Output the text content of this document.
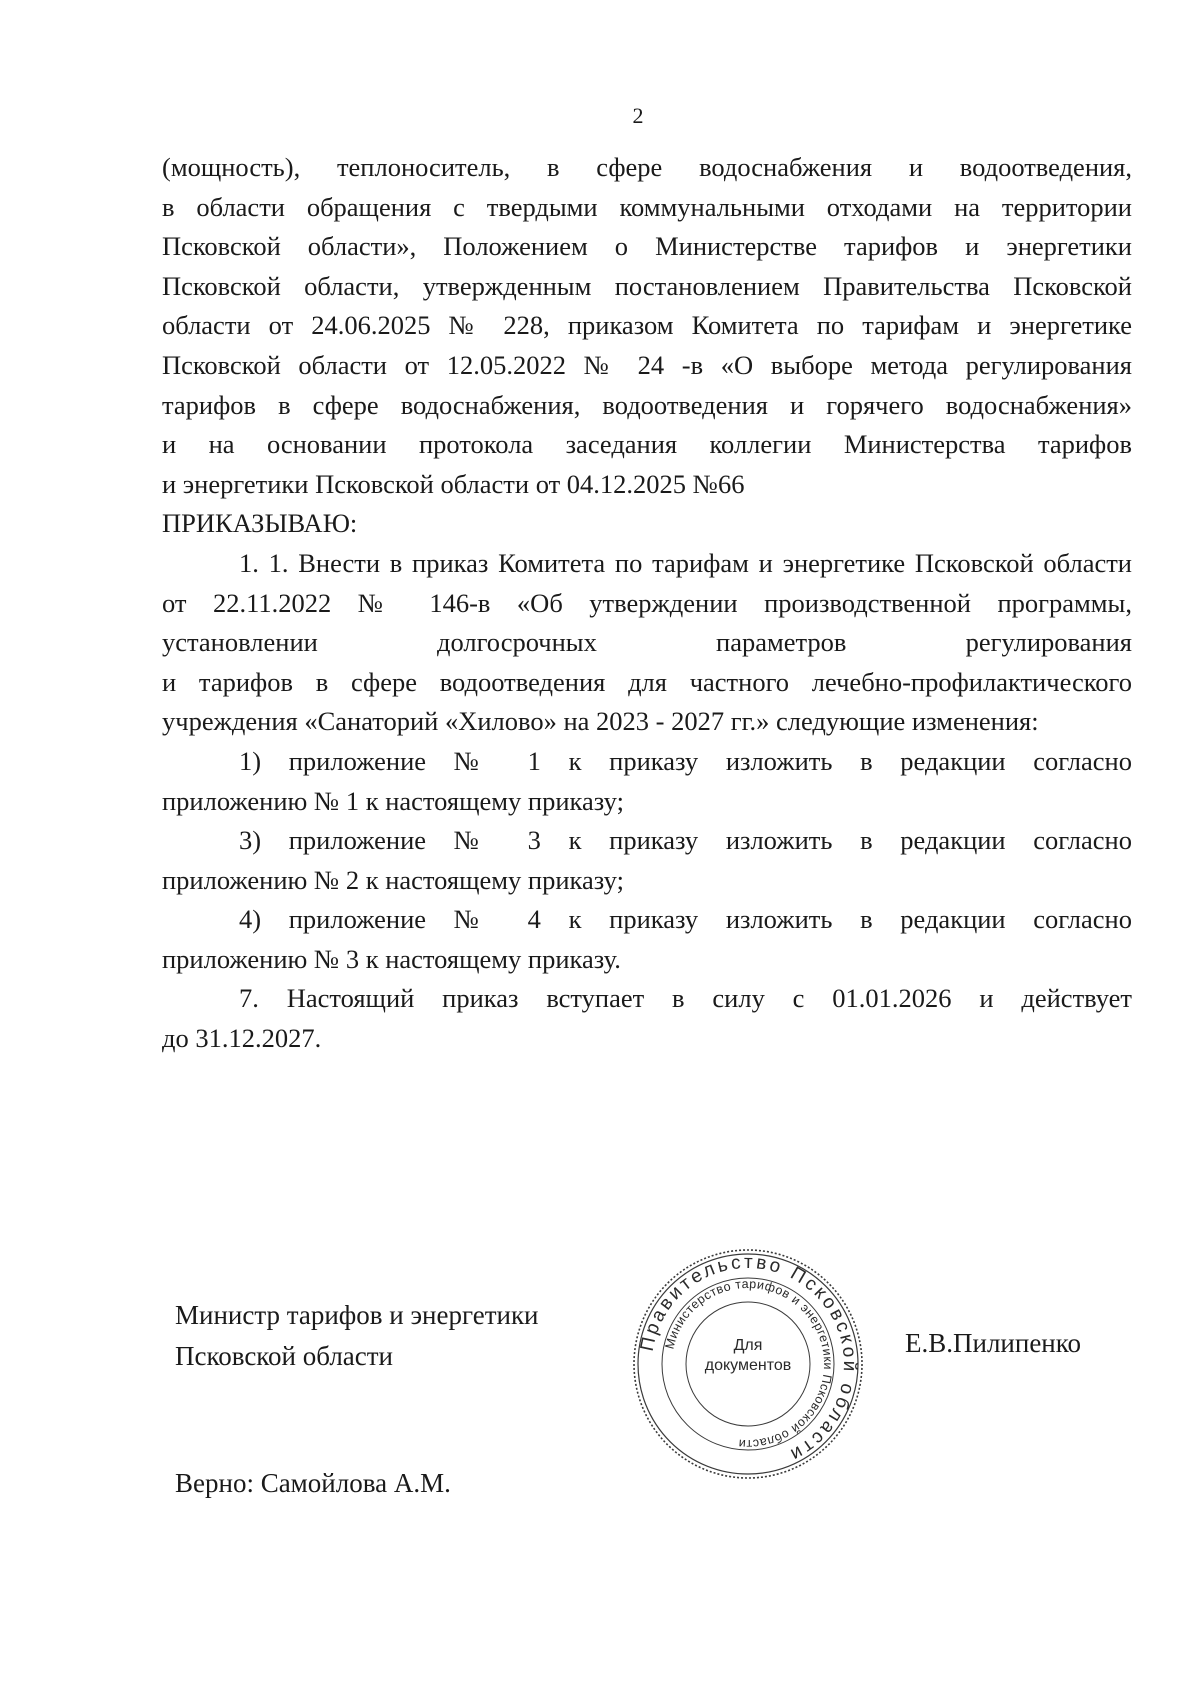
2
(мощность), теплоноситель, в сфере водоснабжения и водоотведения,
в области обращения с твердыми коммунальными отходами на территории
Псковской области», Положением о Министерстве тарифов и энергетики
Псковской области, утвержденным постановлением Правительства Псковской
области от 24.06.2025 № 228, приказом Комитета по тарифам и энергетике
Псковской области от 12.05.2022 № 24 -в «О выборе метода регулирования
тарифов в сфере водоснабжения, водоотведения и горячего водоснабжения»
и на основании протокола заседания коллегии Министерства тарифов
и энергетики Псковской области от 04.12.2025 №66
ПРИКАЗЫВАЮ:
1. 1. Внести в приказ Комитета по тарифам и энергетике Псковской области
от 22.11.2022 № 146-в «Об утверждении производственной программы,
установлении долгосрочных параметров регулирования
и тарифов в сфере водоотведения для частного лечебно-профилактического
учреждения «Санаторий «Хилово» на 2023 - 2027 гг.» следующие изменения:
1) приложение № 1 к приказу изложить в редакции согласно
приложению № 1 к настоящему приказу;
3) приложение № 3 к приказу изложить в редакции согласно
приложению № 2 к настоящему приказу;
4) приложение № 4 к приказу изложить в редакции согласно
приложению № 3 к настоящему приказу.
7. Настоящий приказ вступает в силу с 01.01.2026 и действует
до 31.12.2027.
Министр тарифов и энергетики
Псковской области	Правительство Псковской области
Министерство тарифов и энергетики Псковской области
Для
документов
Е.В.Пилипенко
Верно: Самойлова А.М.
